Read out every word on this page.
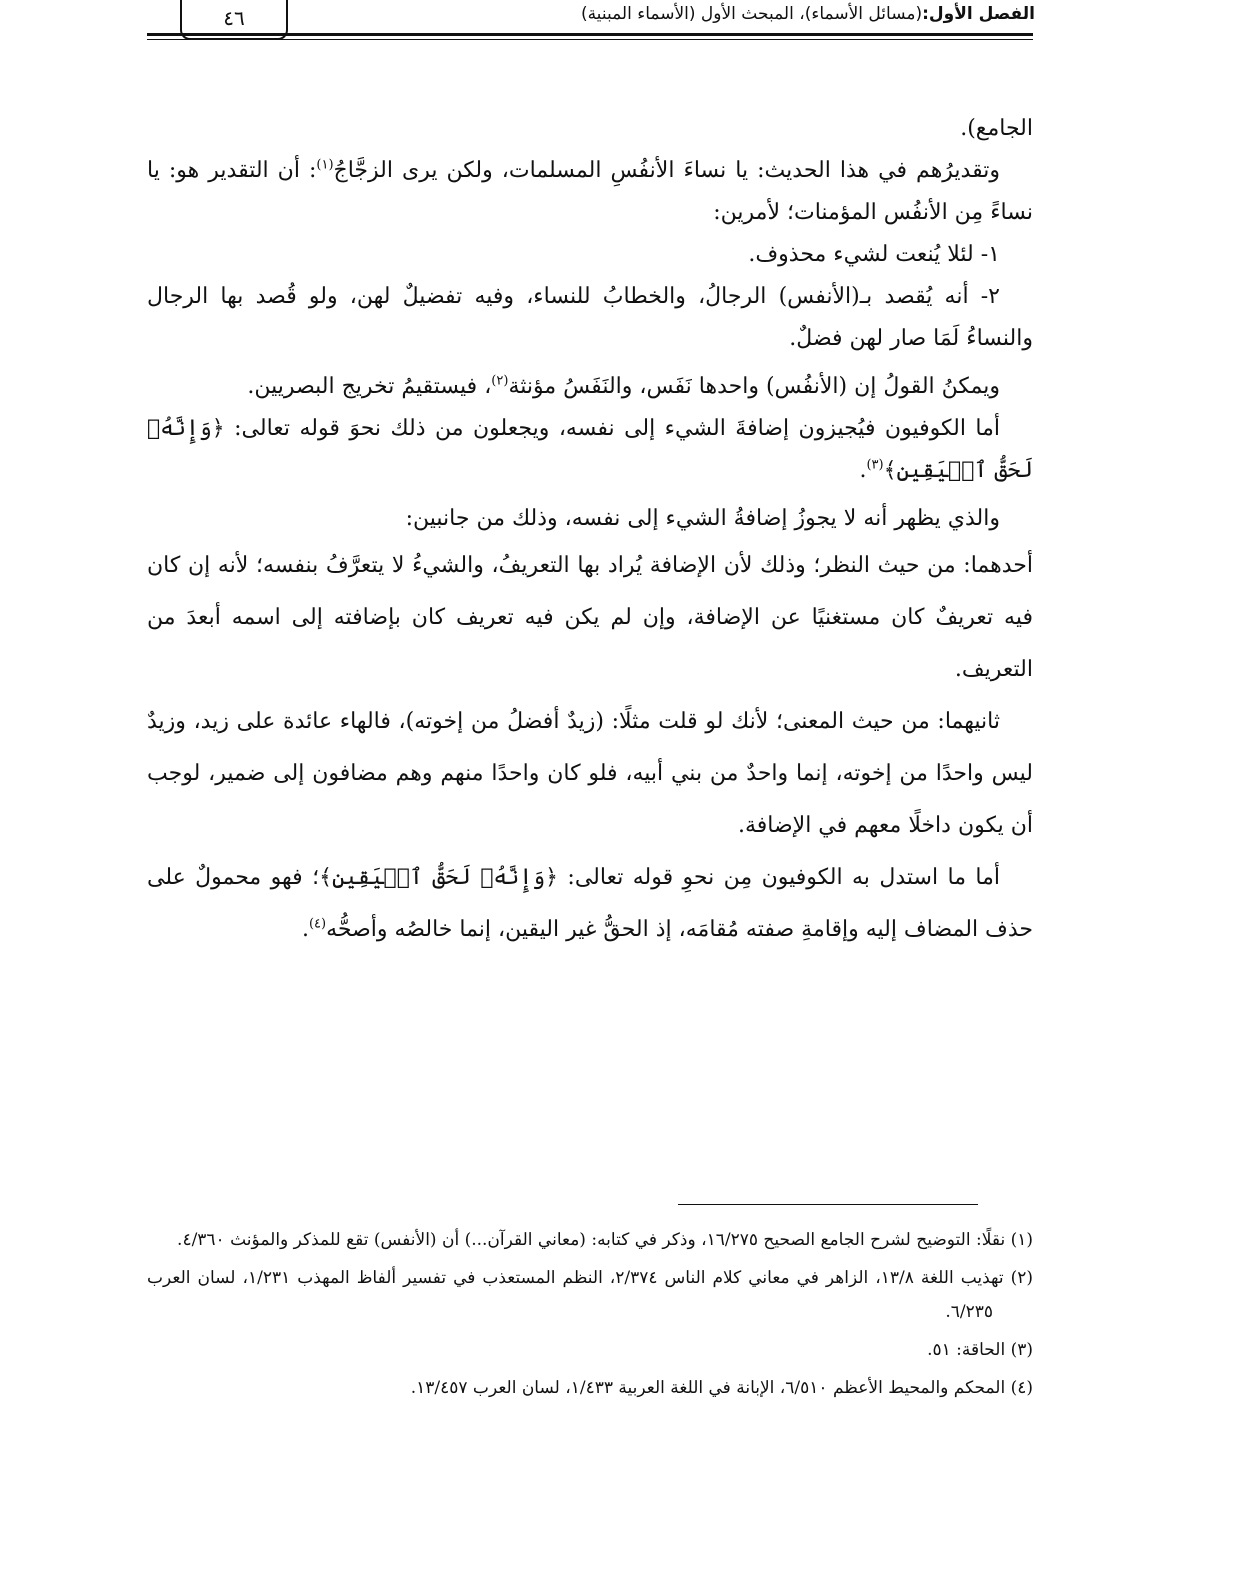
٤٦	الفصل الأول:(مسائل الأسماء)، المبحث الأول (الأسماء المبنية)

الجامع).

وتقديرُهم في هذا الحديث: يا نساءَ الأنفُسِ المسلمات، ولكن يرى الزجَّاجُ$^{(١)}$: أن التقدير هو: يا نساءً مِن الأنفُس المؤمنات؛ لأمرين:

١- لئلا يُنعت لشيء محذوف.

٢- أنه يُقصد بـ(الأنفس) الرجالُ، والخطابُ للنساء، وفيه تفضيلٌ لهن، ولو قُصد بها الرجال والنساءُ لَمَا صار لهن فضلٌ.

ويمكنُ القولُ إن (الأنفُس) واحدها نَفَس، والنَفَسُ مؤنثة$^{(٢)}$، فيستقيمُ تخريج البصريين.

أما الكوفيون فيُجيزون إضافةَ الشيء إلى نفسه، ويجعلون من ذلك نحوَ قوله تعالى: ﴿وَإِنَّهُۥ لَحَقُّ ٱلۡيَقِينِ﴾$^{(٣)}$.

والذي يظهر أنه لا يجوزُ إضافةُ الشيء إلى نفسه، وذلك من جانبين:

أحدهما: من حيث النظر؛ وذلك لأن الإضافة يُراد بها التعريفُ، والشيءُ لا يتعرَّفُ بنفسه؛ لأنه إن كان فيه تعريفٌ كان مستغنيًا عن الإضافة، وإن لم يكن فيه تعريف كان بإضافته إلى اسمه أبعدَ من التعريف.

ثانيهما: من حيث المعنى؛ لأنك لو قلت مثلًا: (زيدٌ أفضلُ من إخوته)، فالهاء عائدة على زيد، وزيدٌ ليس واحدًا من إخوته، إنما واحدٌ من بني أبيه، فلو كان واحدًا منهم وهم مضافون إلى ضمير، لوجب أن يكون داخلًا معهم في الإضافة.

أما ما استدل به الكوفيون مِن نحوِ قوله تعالى: ﴿وَإِنَّهُۥ لَحَقُّ ٱلۡيَقِينِ﴾؛ فهو محمولٌ على حذف المضاف إليه وإقامةِ صفته مُقامَه، إذ الحقُّ غير اليقين، إنما خالصُه وأصحُّه$^{(٤)}$.

(١) نقلًا: التوضيح لشرح الجامع الصحيح ١٦/٢٧٥، وذكر في كتابه: (معاني القرآن...) أن (الأنفس) تقع للمذكر والمؤنث ٤/٣٦٠.

(٢) تهذيب اللغة ١٣/٨، الزاهر في معاني كلام الناس ٢/٣٧٤، النظم المستعذب في تفسير ألفاظ المهذب ١/٢٣١، لسان العرب ٦/٢٣٥.

(٣) الحاقة: ٥١.

(٤) المحكم والمحيط الأعظم ٦/٥١٠، الإبانة في اللغة العربية ١/٤٣٣، لسان العرب ١٣/٤٥٧.
